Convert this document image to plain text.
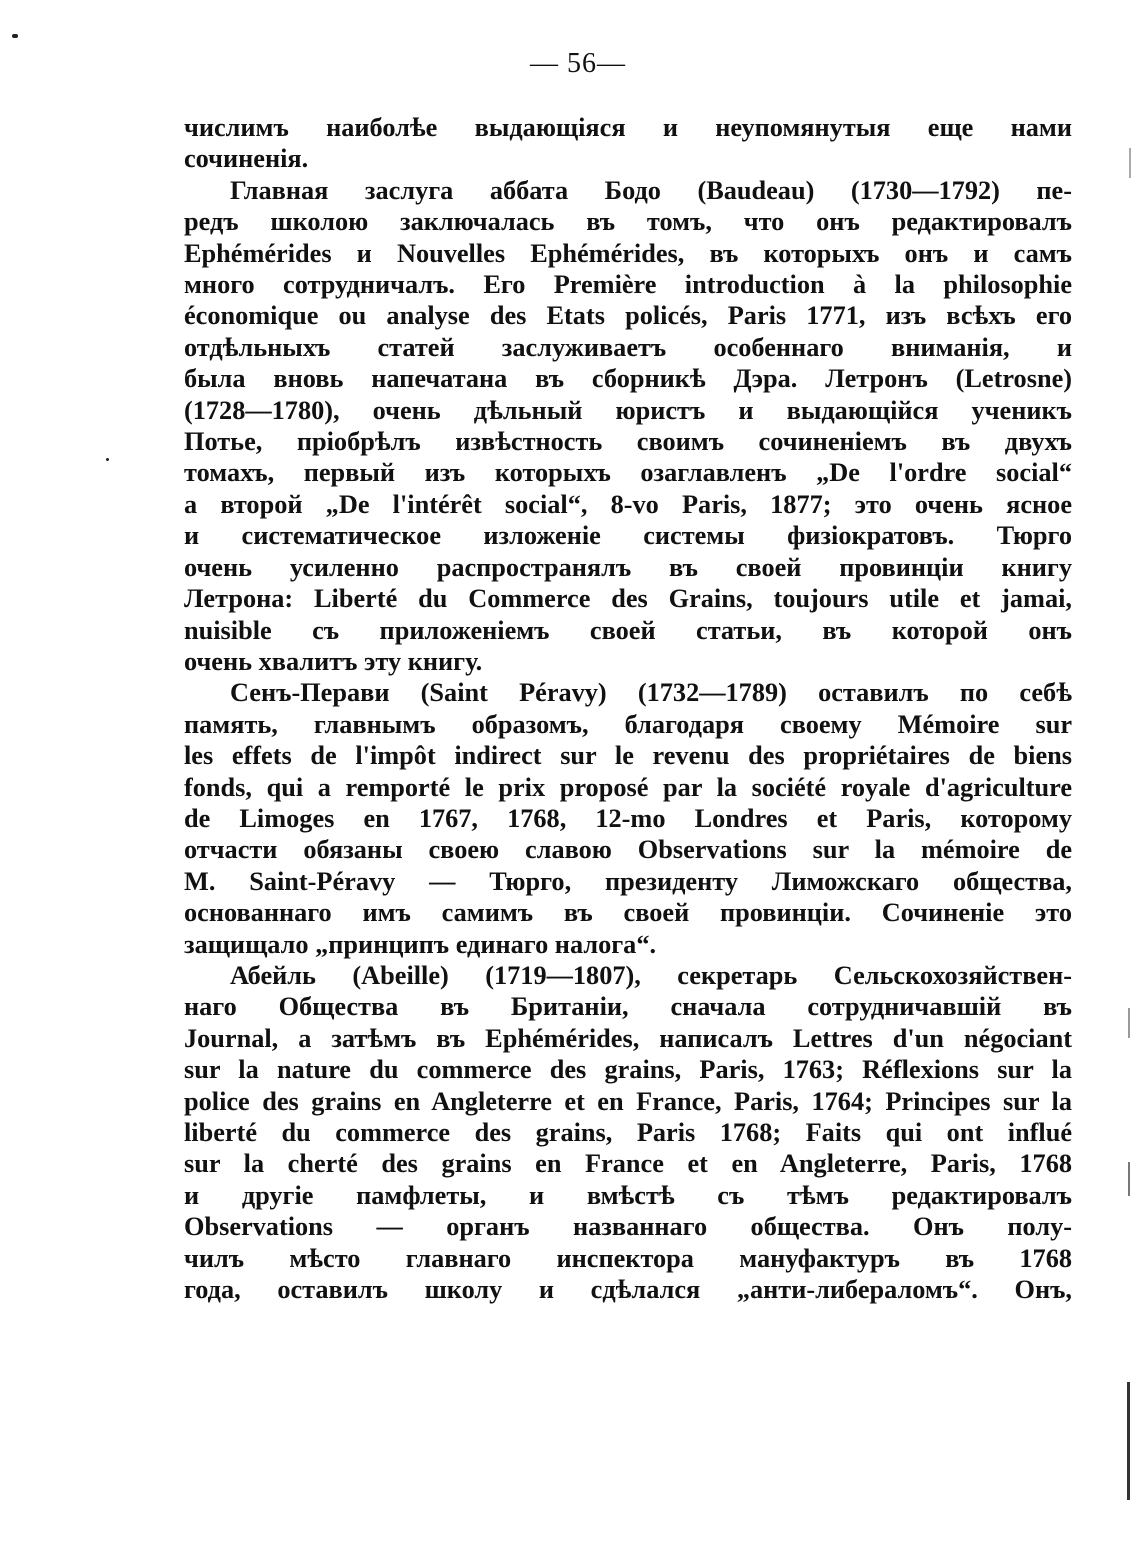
— 56—
числимъ наиболѣе выдающіяся и неупомянутыя еще нами
сочиненія.
Главная заслуга аббата Бодо (Baudeau) (1730—1792) пе-
редъ школою заключалась въ томъ, что онъ редактировалъ
Ephémérides и Nouvelles Ephémérides, въ которыхъ онъ и самъ
много сотрудничалъ. Его Première introduction à la philosophie
économique ou analyse des Etats policés, Paris 1771, изъ всѣхъ его
отдѣльныхъ статей заслуживаетъ особеннаго вниманія, и
была вновь напечатана въ сборникѣ Дэра. Летронъ (Letrosne)
(1728—1780), очень дѣльный юристъ и выдающійся ученикъ
Потье, пріобрѣлъ извѣстность своимъ сочиненіемъ въ двухъ
томахъ, первый изъ которыхъ озаглавленъ „De l'ordre social“
а второй „De l'intérêt social“, 8-vo Paris, 1877; это очень ясное
и систематическое изложеніе системы физіократовъ. Тюрго
очень усиленно распространялъ въ своей провинціи книгу
Летрона: Liberté du Commerce des Grains, toujours utile et jamai,
nuisible съ приложеніемъ своей статьи, въ которой онъ
очень хвалитъ эту книгу.
Сенъ-Перави (Saint Péravy) (1732—1789) оставилъ по себѣ
память, главнымъ образомъ, благодаря своему Mémoire sur
les effets de l'impôt indirect sur le revenu des propriétaires de biens
fonds, qui a remporté le prix proposé par la société royale d'agriculture
de Limoges en 1767, 1768, 12-mo Londres et Paris, которому
отчасти обязаны своею славою Observations sur la mémoire de
M. Saint-Péravy — Тюрго, президенту Лиможскаго общества,
основаннаго имъ самимъ въ своей провинціи. Сочиненіе это
защищало „принципъ единаго налога“.
Абейль (Abeille) (1719—1807), секретарь Сельскохозяйствен-
наго Общества въ Британіи, сначала сотрудничавшій въ
Journal, а затѣмъ въ Ephémérides, написалъ Lettres d'un négociant
sur la nature du commerce des grains, Paris, 1763; Réflexions sur la
police des grains en Angleterre et en France, Paris, 1764; Principes sur la
liberté du commerce des grains, Paris 1768; Faits qui ont influé
sur la cherté des grains en France et en Angleterre, Paris, 1768
и другіе памфлеты, и вмѣстѣ съ тѣмъ редактировалъ
Observations — органъ названнаго общества. Онъ полу-
чилъ мѣсто главнаго инспектора мануфактуръ въ 1768
года, оставилъ школу и сдѣлался „анти-либераломъ“. Онъ,
